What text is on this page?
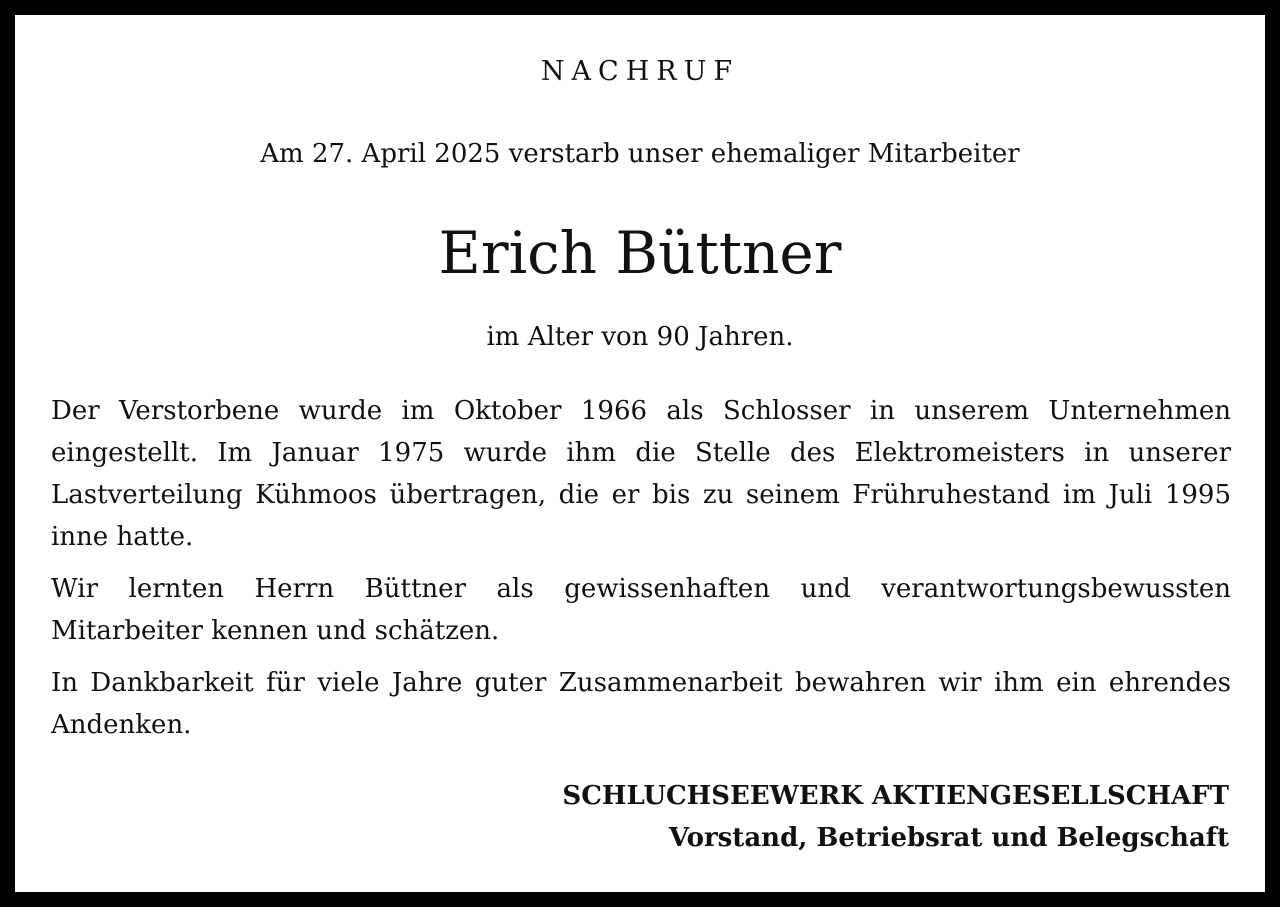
NACHRUF
Am 27. April 2025 verstarb unser ehemaliger Mitarbeiter
Erich Büttner
im Alter von 90 Jahren.

Der Verstorbene wurde im Oktober 1966 als Schlosser in unserem Unternehmen eingestellt. Im Januar 1975 wurde ihm die Stelle des Elektromeisters in unserer Lastverteilung Kühmoos übertragen, die er bis zu seinem Frühruhestand im Juli 1995 inne hatte.

Wir lernten Herrn Büttner als gewissenhaften und verantwortungsbewussten Mitarbeiter kennen und schätzen.

In Dankbarkeit für viele Jahre guter Zusammenarbeit bewahren wir ihm ein ehrendes Andenken.

SCHLUCHSEEWERK AKTIENGESELLSCHAFT
Vorstand, Betriebsrat und Belegschaft
